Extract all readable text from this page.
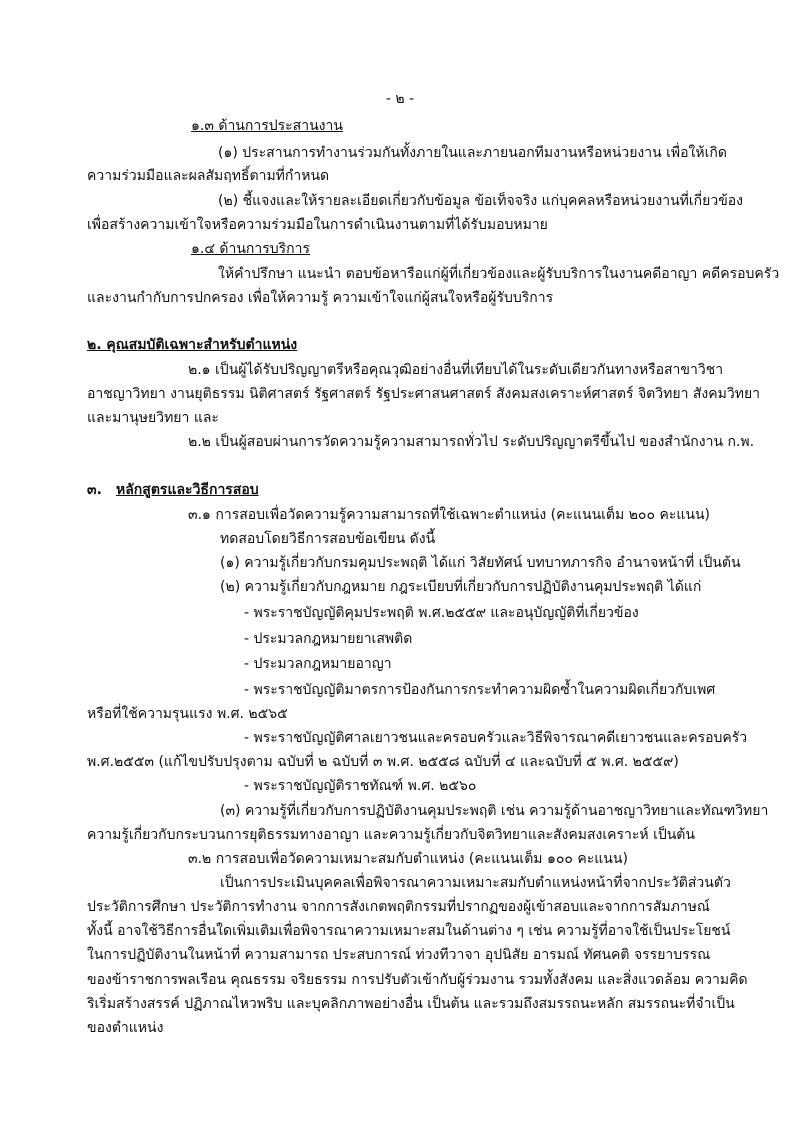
- ๒ -
๑.๓ ด้านการประสานงาน
(๑) ประสานการทำงานร่วมกันทั้งภายในและภายนอกทีมงานหรือหน่วยงาน เพื่อให้เกิด
ความร่วมมือและผลสัมฤทธิ์ตามที่กำหนด
(๒) ชี้แจงและให้รายละเอียดเกี่ยวกับข้อมูล ข้อเท็จจริง แก่บุคคลหรือหน่วยงานที่เกี่ยวข้อง
เพื่อสร้างความเข้าใจหรือความร่วมมือในการดำเนินงานตามที่ได้รับมอบหมาย
๑.๔ ด้านการบริการ
ให้คำปรึกษา แนะนำ ตอบข้อหารือแก่ผู้ที่เกี่ยวข้องและผู้รับบริการในงานคดีอาญา คดีครอบครัว
และงานกำกับการปกครอง เพื่อให้ความรู้ ความเข้าใจแก่ผู้สนใจหรือผู้รับบริการ
๒. คุณสมบัติเฉพาะสำหรับตำแหน่ง
๒.๑ เป็นผู้ได้รับปริญญาตรีหรือคุณวุฒิอย่างอื่นที่เทียบได้ในระดับเดียวกันทางหรือสาขาวิชา
อาชญาวิทยา งานยุติธรรม นิติศาสตร์ รัฐศาสตร์ รัฐประศาสนศาสตร์ สังคมสงเคราะห์ศาสตร์ จิตวิทยา สังคมวิทยา
และมานุษยวิทยา และ
๒.๒ เป็นผู้สอบผ่านการวัดความรู้ความสามารถทั่วไป ระดับปริญญาตรีขึ้นไป ของสำนักงาน ก.พ.
๓. หลักสูตรและวิธีการสอบ
๓.๑ การสอบเพื่อวัดความรู้ความสามารถที่ใช้เฉพาะตำแหน่ง (คะแนนเต็ม ๒๐๐ คะแนน)
ทดสอบโดยวิธีการสอบข้อเขียน ดังนี้
(๑) ความรู้เกี่ยวกับกรมคุมประพฤติ ได้แก่ วิสัยทัศน์ บทบาทภารกิจ อำนาจหน้าที่ เป็นต้น
(๒) ความรู้เกี่ยวกับกฎหมาย กฎระเบียบที่เกี่ยวกับการปฏิบัติงานคุมประพฤติ ได้แก่
- พระราชบัญญัติคุมประพฤติ พ.ศ.๒๕๕๙ และอนุบัญญัติที่เกี่ยวข้อง
- ประมวลกฎหมายยาเสพติด
- ประมวลกฎหมายอาญา
- พระราชบัญญัติมาตรการป้องกันการกระทำความผิดซ้ำในความผิดเกี่ยวกับเพศ
หรือที่ใช้ความรุนแรง พ.ศ. ๒๕๖๕
- พระราชบัญญัติศาลเยาวชนและครอบครัวและวิธีพิจารณาคดีเยาวชนและครอบครัว
พ.ศ.๒๕๕๓ (แก้ไขปรับปรุงตาม ฉบับที่ ๒ ฉบับที่ ๓ พ.ศ. ๒๕๕๘ ฉบับที่ ๔ และฉบับที่ ๕ พ.ศ. ๒๕๕๙)
- พระราชบัญญัติราชทัณฑ์ พ.ศ. ๒๕๖๐
(๓) ความรู้ที่เกี่ยวกับการปฏิบัติงานคุมประพฤติ เช่น ความรู้ด้านอาชญาวิทยาและทัณฑวิทยา
ความรู้เกี่ยวกับกระบวนการยุติธรรมทางอาญา และความรู้เกี่ยวกับจิตวิทยาและสังคมสงเคราะห์ เป็นต้น
๓.๒ การสอบเพื่อวัดความเหมาะสมกับตำแหน่ง (คะแนนเต็ม ๑๐๐ คะแนน)
เป็นการประเมินบุคคลเพื่อพิจารณาความเหมาะสมกับตำแหน่งหน้าที่จากประวัติส่วนตัว
ประวัติการศึกษา ประวัติการทำงาน จากการสังเกตพฤติกรรมที่ปรากฏของผู้เข้าสอบและจากการสัมภาษณ์
ทั้งนี้ อาจใช้วิธีการอื่นใดเพิ่มเติมเพื่อพิจารณาความเหมาะสมในด้านต่าง ๆ เช่น ความรู้ที่อาจใช้เป็นประโยชน์
ในการปฏิบัติงานในหน้าที่ ความสามารถ ประสบการณ์ ท่วงทีวาจา อุปนิสัย อารมณ์ ทัศนคติ จรรยาบรรณ
ของข้าราชการพลเรือน คุณธรรม จริยธรรม การปรับตัวเข้ากับผู้ร่วมงาน รวมทั้งสังคม และสิ่งแวดล้อม ความคิด
ริเริ่มสร้างสรรค์ ปฏิภาณไหวพริบ และบุคลิกภาพอย่างอื่น เป็นต้น และรวมถึงสมรรถนะหลัก สมรรถนะที่จำเป็น
ของตำแหน่ง
